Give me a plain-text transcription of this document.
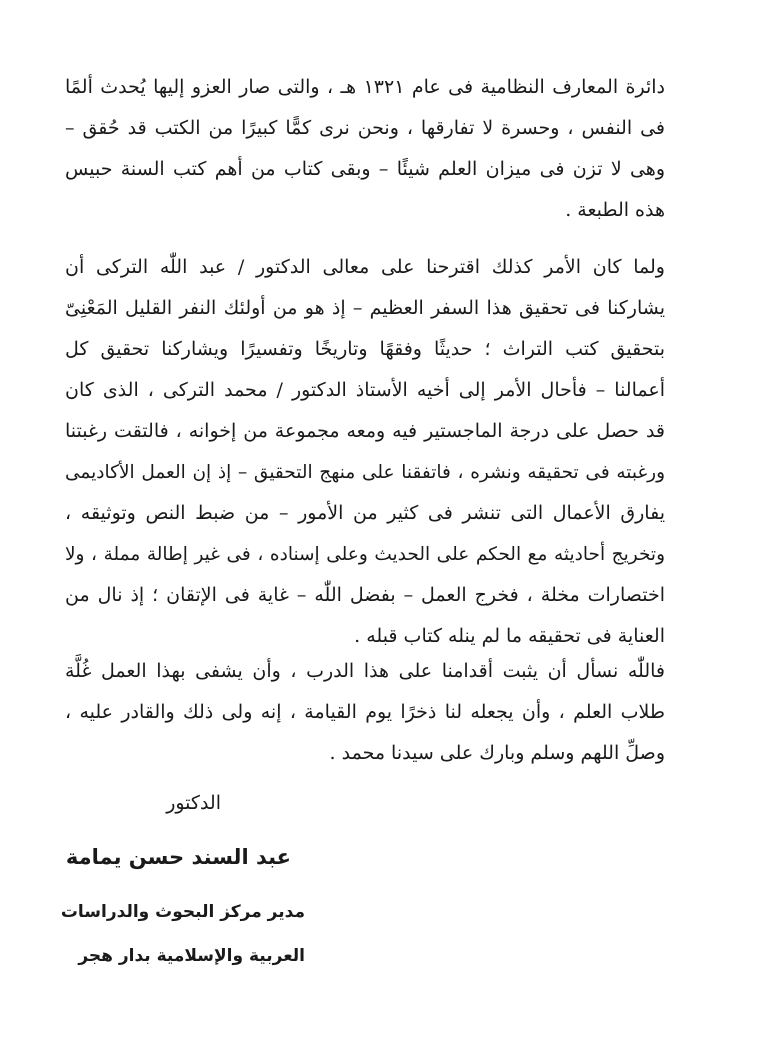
دائرة المعارف النظامية فى عام ١٣٢١ هـ ، والتى صار العزو إليها يُحدث ألمًا
فى النفس ، وحسرة لا تفارقها ، ونحن نرى كمًّا كبيرًا من الكتب قد حُقق –
وهى لا تزن فى ميزان العلم شيئًا – وبقى كتاب من أهم كتب السنة حبيس
هذه الطبعة .
ولما كان الأمر كذلك اقترحنا على معالى الدكتور / عبد اللّٰه التركى أن
يشاركنا فى تحقيق هذا السفر العظيم – إذ هو من أولئك النفر القليل المَعْنِىّ
بتحقيق كتب التراث ؛ حديثًا وفقهًا وتاريخًا وتفسيرًا ويشاركنا تحقيق كل
أعمالنا – فأحال الأمر إلى أخيه الأستاذ الدكتور / محمد التركى ، الذى كان
قد حصل على درجة الماجستير فيه ومعه مجموعة من إخوانه ، فالتقت رغبتنا
ورغبته فى تحقيقه ونشره ، فاتفقنا على منهج التحقيق – إذ إن العمل الأكاديمى
يفارق الأعمال التى تنشر فى كثير من الأمور – من ضبط النص وتوثيقه ،
وتخريج أحاديثه مع الحكم على الحديث وعلى إسناده ، فى غير إطالة مملة ، ولا
اختصارات مخلة ، فخرج العمل – بفضل اللّٰه – غاية فى الإتقان ؛ إذ نال من
العناية فى تحقيقه ما لم ينله كتاب قبله .
فاللّٰه نسأل أن يثبت أقدامنا على هذا الدرب ، وأن يشفى بهذا العمل غُلَّة
طلاب العلم ، وأن يجعله لنا ذخرًا يوم القيامة ، إنه ولى ذلك والقادر عليه ،
وصلِّ اللهم وسلم وبارك على سيدنا محمد .
الدكتور
عبد السند حسن يمامة
مدير مركز البحوث والدراسات
العربية والإسلامية بدار هجر
